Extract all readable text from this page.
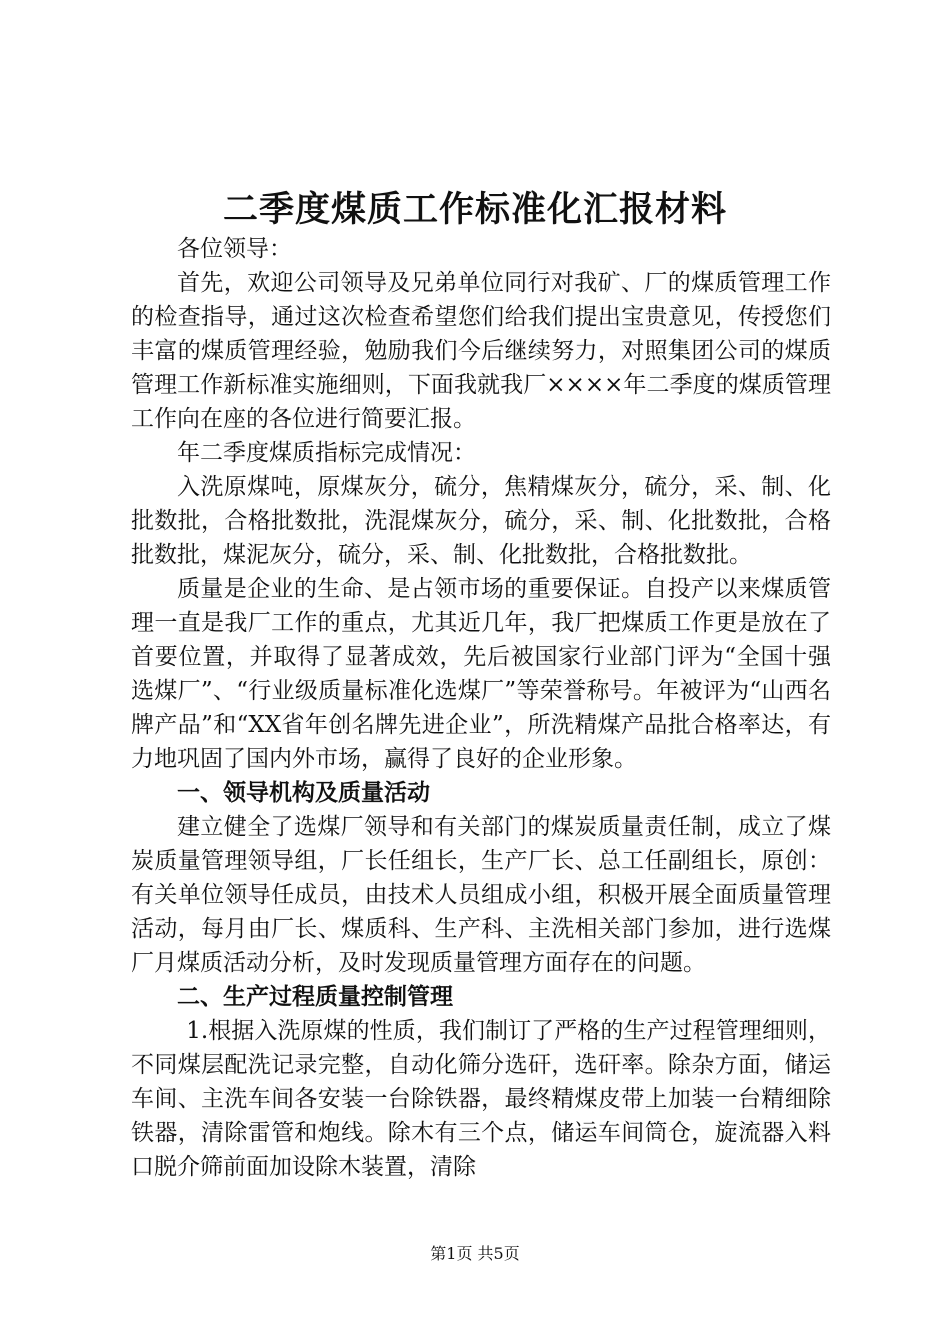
二季度煤质工作标准化汇报材料

各位领导：

首先，欢迎公司领导及兄弟单位同行对我矿、厂的煤质管理工作的检查指导，通过这次检查希望您们给我们提出宝贵意见，传授您们丰富的煤质管理经验，勉励我们今后继续努力，对照集团公司的煤质管理工作新标准实施细则，下面我就我厂××××年二季度的煤质管理工作向在座的各位进行简要汇报。

年二季度煤质指标完成情况：

入洗原煤吨，原煤灰分，硫分，焦精煤灰分，硫分，采、制、化批数批，合格批数批，洗混煤灰分，硫分，采、制、化批数批，合格批数批，煤泥灰分，硫分，采、制、化批数批，合格批数批。

质量是企业的生命、是占领市场的重要保证。自投产以来煤质管理一直是我厂工作的重点，尤其近几年，我厂把煤质工作更是放在了首要位置，并取得了显著成效，先后被国家行业部门评为“全国十强选煤厂”、“行业级质量标准化选煤厂”等荣誉称号。年被评为“山西名牌产品”和“XX省年创名牌先进企业”，所洗精煤产品批合格率达，有力地巩固了国内外市场，赢得了良好的企业形象。

一、领导机构及质量活动

建立健全了选煤厂领导和有关部门的煤炭质量责任制，成立了煤炭质量管理领导组，厂长任组长，生产厂长、总工任副组长，原创：有关单位领导任成员，由技术人员组成小组，积极开展全面质量管理活动，每月由厂长、煤质科、生产科、主洗相关部门参加，进行选煤厂月煤质活动分析，及时发现质量管理方面存在的问题。

二、生产过程质量控制管理

1.根据入洗原煤的性质，我们制订了严格的生产过程管理细则，不同煤层配洗记录完整，自动化筛分选矸，选矸率。除杂方面，储运车间、主洗车间各安装一台除铁器，最终精煤皮带上加装一台精细除铁器，清除雷管和炮线。除木有三个点，储运车间筒仓，旋流器入料口脱介筛前面加设除木装置，清除

第1页 共5页
